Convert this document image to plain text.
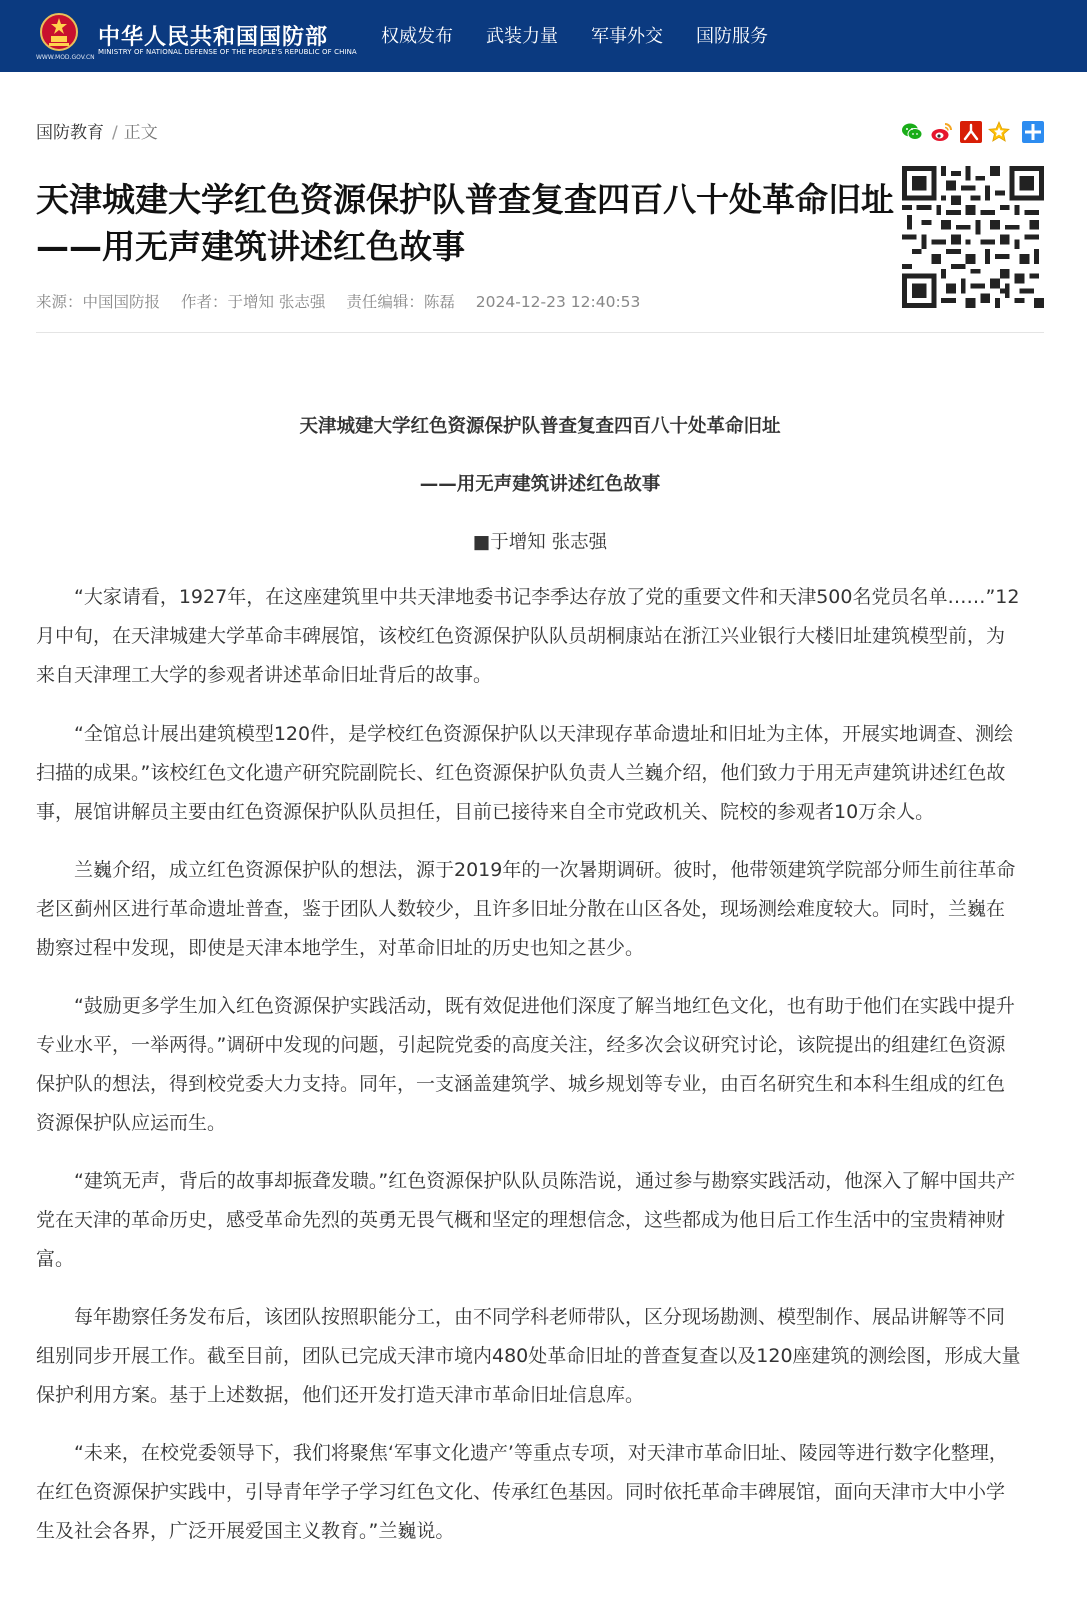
中华人民共和国国防部
MINISTRY OF NATIONAL DEFENSE OF THE PEOPLE'S REPUBLIC OF CHINA
WWW.MOD.GOV.CN
权威发布 武装力量 军事外交 国防服务
国防教育 / 正文
天津城建大学红色资源保护队普查复查四百八十处革命旧址——用无声建筑讲述红色故事
来源：中国国防报 作者：于增知 张志强 责任编辑：陈磊 2024-12-23 12:40:53
天津城建大学红色资源保护队普查复查四百八十处革命旧址
——用无声建筑讲述红色故事
■于增知 张志强

“大家请看，1927年，在这座建筑里中共天津地委书记李季达存放了党的重要文件和天津500名党员名单……”12月中旬，在天津城建大学革命丰碑展馆，该校红色资源保护队队员胡桐康站在浙江兴业银行大楼旧址建筑模型前，为来自天津理工大学的参观者讲述革命旧址背后的故事。

“全馆总计展出建筑模型120件，是学校红色资源保护队以天津现存革命遗址和旧址为主体，开展实地调查、测绘扫描的成果。”该校红色文化遗产研究院副院长、红色资源保护队负责人兰巍介绍，他们致力于用无声建筑讲述红色故事，展馆讲解员主要由红色资源保护队队员担任，目前已接待来自全市党政机关、院校的参观者10万余人。

兰巍介绍，成立红色资源保护队的想法，源于2019年的一次暑期调研。彼时，他带领建筑学院部分师生前往革命老区蓟州区进行革命遗址普查，鉴于团队人数较少，且许多旧址分散在山区各处，现场测绘难度较大。同时，兰巍在勘察过程中发现，即使是天津本地学生，对革命旧址的历史也知之甚少。

“鼓励更多学生加入红色资源保护实践活动，既有效促进他们深度了解当地红色文化，也有助于他们在实践中提升专业水平，一举两得。”调研中发现的问题，引起院党委的高度关注，经多次会议研究讨论，该院提出的组建红色资源保护队的想法，得到校党委大力支持。同年，一支涵盖建筑学、城乡规划等专业，由百名研究生和本科生组成的红色资源保护队应运而生。

“建筑无声，背后的故事却振聋发聩。”红色资源保护队队员陈浩说，通过参与勘察实践活动，他深入了解中国共产党在天津的革命历史，感受革命先烈的英勇无畏气概和坚定的理想信念，这些都成为他日后工作生活中的宝贵精神财富。

每年勘察任务发布后，该团队按照职能分工，由不同学科老师带队，区分现场勘测、模型制作、展品讲解等不同组别同步开展工作。截至目前，团队已完成天津市境内480处革命旧址的普查复查以及120座建筑的测绘图，形成大量保护利用方案。基于上述数据，他们还开发打造天津市革命旧址信息库。

“未来，在校党委领导下，我们将聚焦‘军事文化遗产’等重点专项，对天津市革命旧址、陵园等进行数字化整理，在红色资源保护实践中，引导青年学子学习红色文化、传承红色基因。同时依托革命丰碑展馆，面向天津市大中小学生及社会各界，广泛开展爱国主义教育。”兰巍说。
